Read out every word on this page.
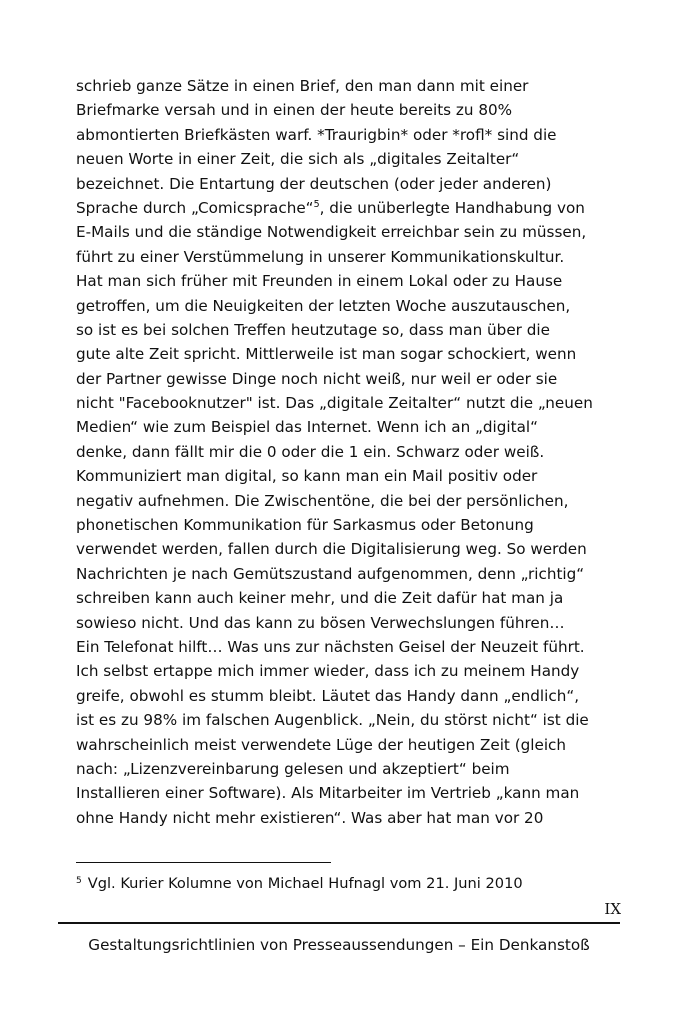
schrieb ganze Sätze in einen Brief, den man dann mit einer
Briefmarke versah und in einen der heute bereits zu 80%
abmontierten Briefkästen warf. *Traurigbin* oder *rofl* sind die
neuen Worte in einer Zeit, die sich als „digitales Zeitalter“
bezeichnet. Die Entartung der deutschen (oder jeder anderen)
Sprache durch „Comicsprache“$^5$, die unüberlegte Handhabung von
E-Mails und die ständige Notwendigkeit erreichbar sein zu müssen,
führt zu einer Verstümmelung in unserer Kommunikationskultur.
Hat man sich früher mit Freunden in einem Lokal oder zu Hause
getroffen, um die Neuigkeiten der letzten Woche auszutauschen,
so ist es bei solchen Treffen heutzutage so, dass man über die
gute alte Zeit spricht. Mittlerweile ist man sogar schockiert, wenn
der Partner gewisse Dinge noch nicht weiß, nur weil er oder sie
nicht "Facebooknutzer" ist. Das „digitale Zeitalter“ nutzt die „neuen
Medien“ wie zum Beispiel das Internet. Wenn ich an „digital“
denke, dann fällt mir die 0 oder die 1 ein. Schwarz oder weiß.
Kommuniziert man digital, so kann man ein Mail positiv oder
negativ aufnehmen. Die Zwischentöne, die bei der persönlichen,
phonetischen Kommunikation für Sarkasmus oder Betonung
verwendet werden, fallen durch die Digitalisierung weg. So werden
Nachrichten je nach Gemütszustand aufgenommen, denn „richtig“
schreiben kann auch keiner mehr, und die Zeit dafür hat man ja
sowieso nicht. Und das kann zu bösen Verwechslungen führen…
Ein Telefonat hilft… Was uns zur nächsten Geisel der Neuzeit führt.
Ich selbst ertappe mich immer wieder, dass ich zu meinem Handy
greife, obwohl es stumm bleibt. Läutet das Handy dann „endlich“,
ist es zu 98% im falschen Augenblick. „Nein, du störst nicht“ ist die
wahrscheinlich meist verwendete Lüge der heutigen Zeit (gleich
nach: „Lizenzvereinbarung gelesen und akzeptiert“ beim
Installieren einer Software). Als Mitarbeiter im Vertrieb „kann man
ohne Handy nicht mehr existieren“. Was aber hat man vor 20
$^5$ Vgl. Kurier Kolumne von Michael Hufnagl vom 21. Juni 2010
IX
Gestaltungsrichtlinien von Presseaussendungen – Ein Denkanstoß
